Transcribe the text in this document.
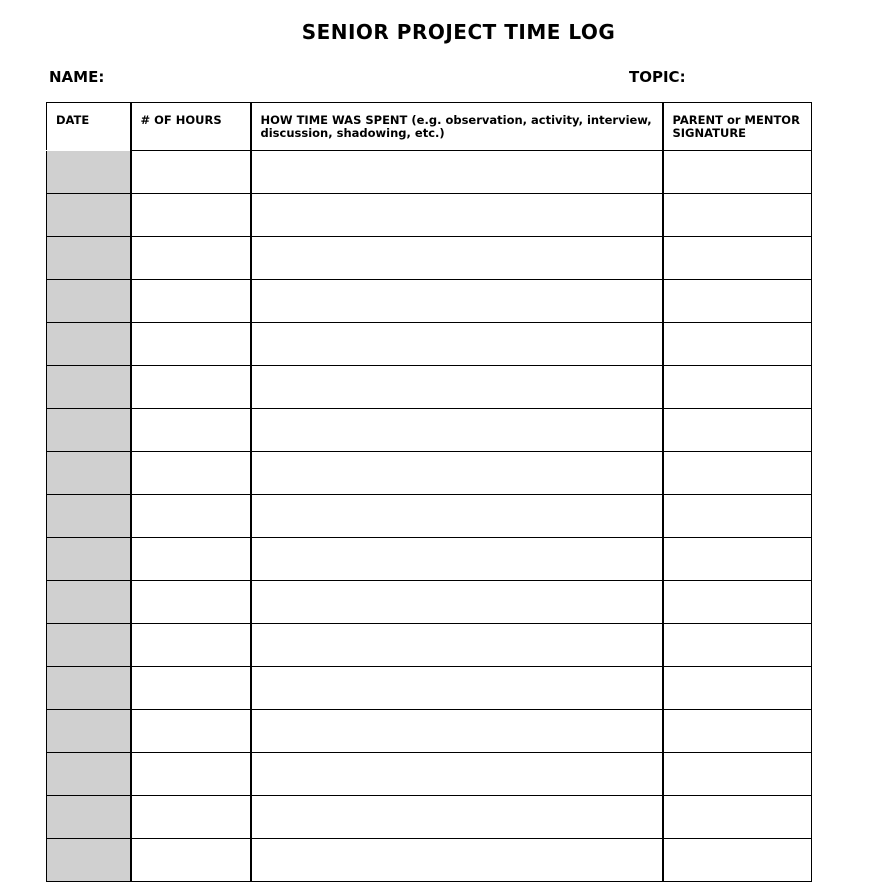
SENIOR PROJECT TIME LOG
NAME:	TOPIC:
DATE	# OF HOURS	HOW TIME WAS SPENT (e.g. observation, activity, interview, discussion, shadowing, etc.)	PARENT or MENTOR SIGNATURE
